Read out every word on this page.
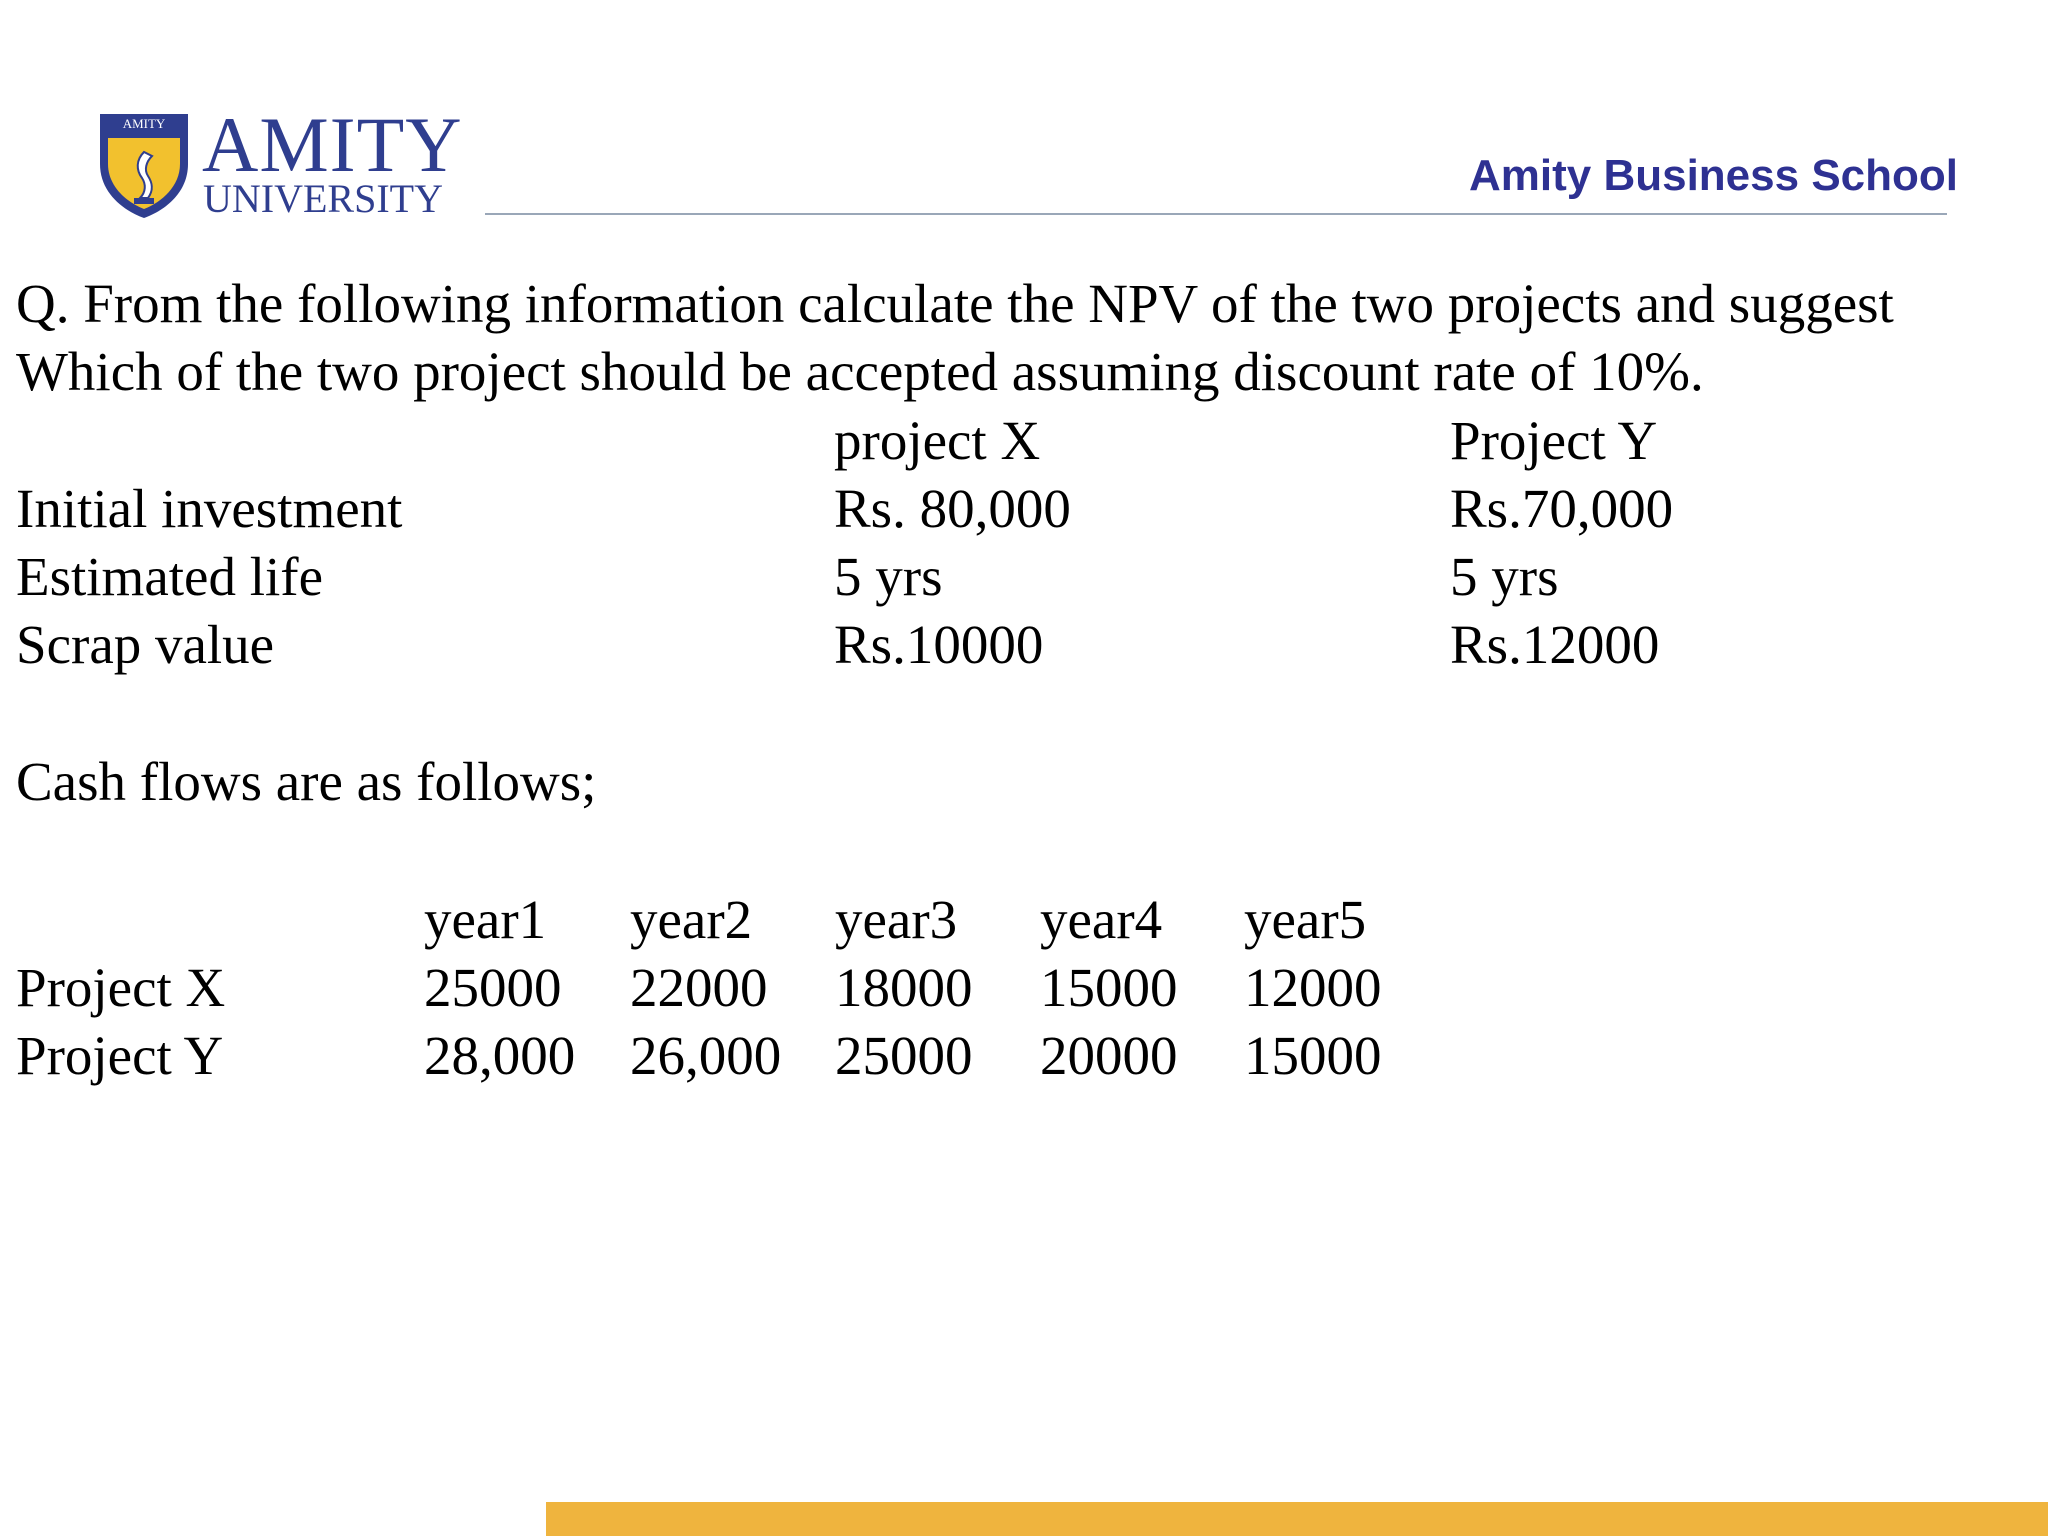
AMITY AMITY
UNIVERSITY	Amity Business School
Q. From the following information calculate the NPV of the two projects and suggest
Which of the two project should be accepted assuming discount rate of 10%.
project X	Project Y
Initial investment	Rs. 80,000	Rs.70,000
Estimated life	5 yrs	5 yrs
Scrap value	Rs.10000	Rs.12000
Cash flows are as follows;
year1 year2 year3 year4 year5
Project X	25000 22000 18000 15000 12000
Project Y	28,000 26,000 25000 20000 15000
